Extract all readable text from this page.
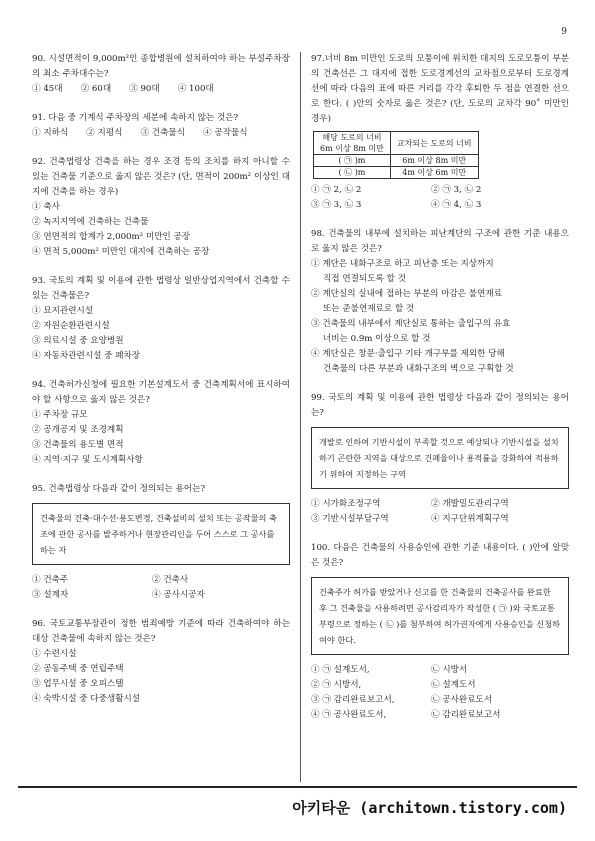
9

90. 시설면적이 9,000m²인 종합병원에 설치하여야 하는 부설주차장의 최소 주차대수는?

① 45대 ② 60대 ③ 90대 ④ 100대

91. 다음 중 기계식 주차장의 세분에 속하지 않는 것은?

① 지하식 ② 지평식 ③ 건축물식 ④ 공작물식

92. 건축법령상 건축을 하는 경우 조경 등의 조치를 하지 아니할 수 있는 건축물 기준으로 옳지 않은 것은? (단, 면적이 200m² 이상인 대지에 건축을 하는 경우)

① 축사

② 녹지지역에 건축하는 건축물

③ 연면적의 합계가 2,000m² 미만인 공장

④ 면적 5,000m² 미만인 대지에 건축하는 공장

93. 국토의 계획 및 이용에 관한 법령상 일반상업지역에서 건축할 수 있는 건축물은?

① 묘지관련시설

② 자원순환관련시설

③ 의료시설 중 요양병원

④ 자동차관련시설 중 폐차장

94. 건축허가신청에 필요한 기본설계도서 중 건축계획서에 표시하여야 할 사항으로 옳지 않은 것은?

① 주차장 규모

② 공개공지 및 조경계획

③ 건축물의 용도별 면적

④ 지역·지구 및 도시계획사항

95. 건축법령상 다음과 같이 정의되는 용어는?

건축물의 건축·대수선·용도변경, 건축설비의 설치 또는 공작물의 축조에 관한 공사를 발주하거나 현장관리인을 두어 스스로 그 공사를 하는 자
① 건축주	② 건축사
③ 설계자	④ 공사시공자

96. 국토교통부장관이 정한 범죄예방 기준에 따라 건축하여야 하는 대상 건축물에 속하지 않는 것은?

① 수련시설

② 공동주택 중 연립주택

③ 업무시설 중 오피스텔

④ 숙박시설 중 다중생활시설

97.너비 8m 미만인 도로의 모퉁이에 위치한 대지의 도로모퉁이 부분의 건축선은 그 대지에 접한 도로경계선의 교차점으로부터 도로경계선에 따라 다음의 표에 따른 거리를 각각 후퇴한 두 점을 연결한 선으로 한다. ( )안의 숫자로 옳은 것은? (단, 도로의 교차각 90˚ 미만인 경우)

해당 도로의 너비
6m 이상 8m 미만	교차되는 도로의 너비
( ㉠ )m	6m 이상 8m 미만
( ㉡ )m	4m 이상 6m 미만
① ㉠ 2, ㉡ 2	② ㉠ 3, ㉡ 2
③ ㉠ 3, ㉡ 3	④ ㉠ 4, ㉡ 3

98. 건축물의 내부에 설치하는 피난계단의 구조에 관한 기준 내용으로 옳지 않은 것은?

① 계단은 내화구조로 하고 피난층 또는 지상까지

직접 연결되도록 할 것

② 계단실의 실내에 접하는 부분의 마감은 불연재료

또는 준불연재료로 할 것

③ 건축물의 내부에서 계단실로 통하는 출입구의 유효

너비는 0.9m 이상으로 할 것

④ 계단실은 창문·출입구 기타 개구부를 제외한 당해

건축물의 다른 부분과 내화구조의 벽으로 구획할 것

99. 국토의 계획 및 이용에 관한 법령상 다음과 같이 정의되는 용어는?

개발로 인하여 기반시설이 부족할 것으로 예상되나 기반시설을 설치하기 곤란한 지역을 대상으로 건폐율이나 용적률을 강화하여 적용하기 위하여 지정하는 구역
① 시가화조정구역	② 개발밀도관리구역
③ 기반시설부담구역	④ 지구단위계획구역

100. 다음은 건축물의 사용승인에 관한 기준 내용이다. ( )안에 알맞은 것은?

건축주가 허가를 받았거나 신고를 한 건축물의 건축공사를 완료한 후 그 건축물을 사용하려면 공사감리자가 작성한 ( ㉠ )와 국토교통부령으로 정하는 ( ㉡ )를 첨부하여 허가권자에게 사용승인을 신청하여야 한다.
① ㉠ 설계도서,	㉡ 시방서
② ㉠ 시방서,	㉡ 설계도서
③ ㉠ 감리완료보고서,	㉡ 공사완료도서
④ ㉠ 공사완료도서,	㉡ 감리완료보고서
아키타운 (architown.tistory.com)
